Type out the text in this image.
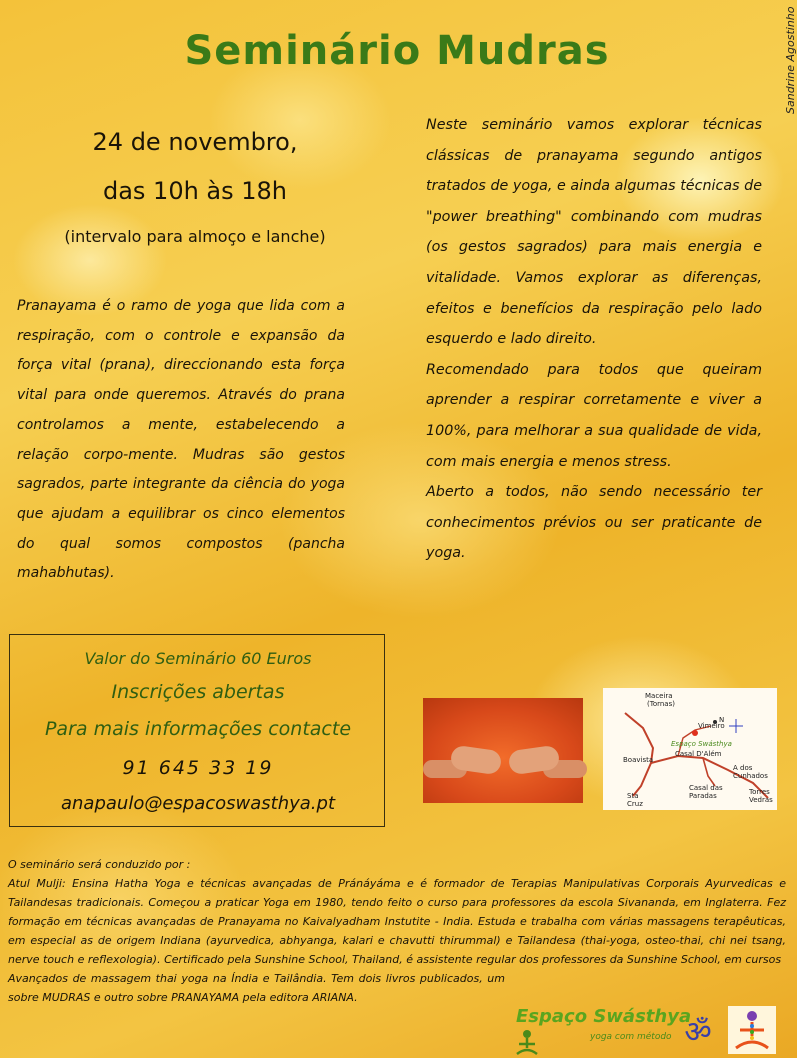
Seminário Mudras	Sandrine Agostinho
24 de novembro,
das 10h às 18h
(intervalo para almoço e lanche)
Pranayama é o ramo de yoga que lida com a respiração, com o controle e expansão da força vital (prana), direccionando esta força vital para onde queremos. Através do prana controlamos a mente, estabelecendo a relação corpo-mente. Mudras são gestos sagrados, parte integrante da ciência do yoga que ajudam a equilibrar os cinco elementos do qual somos compostos (pancha mahabhutas).
Valor do Seminário 60 Euros
Inscrições abertas
Para mais informações contacte
91 645 33 19
anapaulo@espacoswasthya.pt

Neste seminário vamos explorar técnicas clássicas de pranayama segundo antigos tratados de yoga, e ainda algumas técnicas de "power breathing" combinando com mudras (os gestos sagrados) para mais energia e vitalidade. Vamos explorar as diferenças, efeitos e benefícios da respiração pelo lado esquerdo e lado direito.

Recomendado para todos que queiram aprender a respirar corretamente e viver a 100%, para melhorar a sua qualidade de vida, com mais energia e menos stress.

Aberto a todos, não sendo necessário ter conhecimentos prévios ou ser praticante de yoga.

Maceira
(Tornas)
N
Vimeiro
Espaço Swásthya
Casal D'Além
Boavista
A dos Cunhados
Casal das Paradas
Sta Cruz
Torres Vedras

O seminário será conduzido por :

Atul Mulji: Ensina Hatha Yoga e técnicas avançadas de Pránáyáma e é formador de Terapias Manipulativas Corporais Ayurvedicas e Tailandesas tradicionais. Começou a praticar Yoga em 1980, tendo feito o curso para professores da escola Sivananda, em Inglaterra. Fez formação em técnicas avançadas de Pranayama no Kaivalyadham Instutite - India. Estuda e trabalha com várias massagens terapêuticas, em especial as de origem Indiana (ayurvedica, abhyanga, kalari e chavutti thirummal) e Tailandesa (thai-yoga, osteo-thai, chi nei tsang, nerve touch e reflexologia). Certificado pela Sunshine School, Thailand, é assistente regular dos professores da Sunshine School, em cursos

Avançados de massagem thai yoga na Índia e Tailândia. Tem dois livros publicados, um sobre MUDRAS e outro sobre PRANAYAMA pela editora ARIANA.

Espaço Swásthya
yoga com método ॐ
